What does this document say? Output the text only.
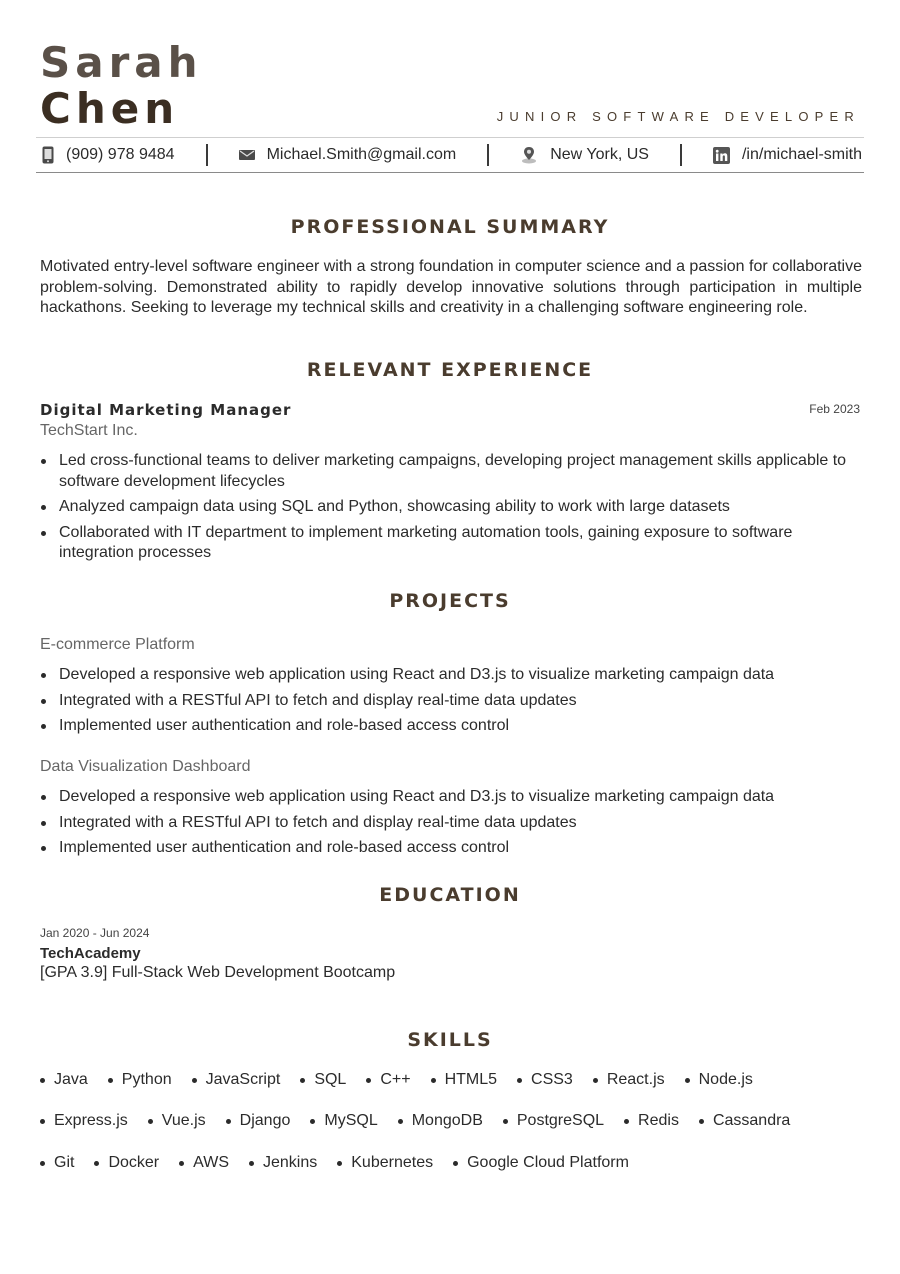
Sarah
Chen	JUNIOR SOFTWARE DEVELOPER
(909) 978 9484	Michael.Smith@gmail.com	New York, US	/in/michael-smith
PROFESSIONAL SUMMARY
Motivated entry-level software engineer with a strong foundation in computer science and a passion for collaborative problem-solving. Demonstrated ability to rapidly develop innovative solutions through participation in multiple hackathons. Seeking to leverage my technical skills and creativity in a challenging software engineering role.
RELEVANT EXPERIENCE
Digital Marketing Manager	Feb 2023
TechStart Inc.
Led cross-functional teams to deliver marketing campaigns, developing project management skills applicable to software development lifecycles
Analyzed campaign data using SQL and Python, showcasing ability to work with large datasets
Collaborated with IT department to implement marketing automation tools, gaining exposure to software integration processes
PROJECTS
E-commerce Platform
Developed a responsive web application using React and D3.js to visualize marketing campaign data
Integrated with a RESTful API to fetch and display real-time data updates
Implemented user authentication and role-based access control
Data Visualization Dashboard
Developed a responsive web application using React and D3.js to visualize marketing campaign data
Integrated with a RESTful API to fetch and display real-time data updates
Implemented user authentication and role-based access control
EDUCATION
Jan 2020 - Jun 2024
TechAcademy
[GPA 3.9] Full-Stack Web Development Bootcamp
SKILLS
Java	Python	JavaScript	SQL	C++	HTML5	CSS3	React.js	Node.js
Express.js	Vue.js	Django	MySQL	MongoDB	PostgreSQL	Redis	Cassandra
Git	Docker	AWS	Jenkins	Kubernetes	Google Cloud Platform
